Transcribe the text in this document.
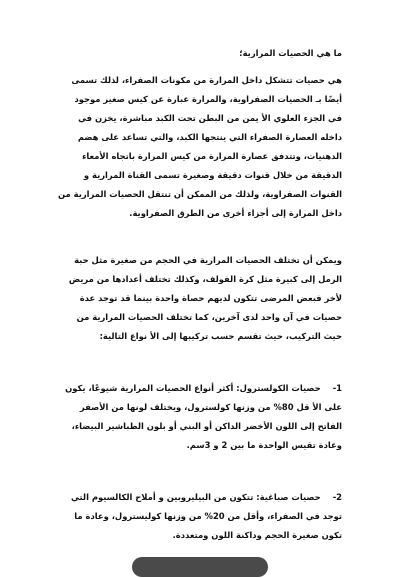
ما هي الحصيات المرارية؛

هي حصيات تتشكل داخل المرارة من مكونات الصفراء، لذلك تسمى أيضًا بـ الحصيات الصفراوية، والمرارة عبارة عن كيس صغير موجود في الجزء العلوي الأ يمن من البطن تحت الكبد مباشرة، يخزن في داخله العصارة الصفراء التي ينتجها الكبد، والتي تساعد على هضم الدهنيات، وتتدفق عصارة المرارة من كيس المرارة باتجاه الأمعاء الدقيقة من خلال قنوات دقيقة وصغيرة تسمى القناة المرارية و القنوات الصفراوية، ولذلك من الممكن أن تنتقل الحصيات المرارية من داخل المرارة إلى أجزاء أخرى من الطرق الصفراوية.

ويمكن أن تختلف الحصيات المرارية في الحجم من صغيرة مثل حبة الرمل إلى كبيرة مثل كرة الفولف، وكذلك تختلف أعدادها من مريض لأخر فبعض المرضى تتكون لديهم حصاة واحدة بينما قد توجد عدة حصيات في آن واحد لدى آخرين، كما تختلف الحصيات المرارية من حيث التركيب، حيث تقسم حسب تركيبها إلى الأ نواع التالية:

1-حصيات الكولسترول: أكثر أنواع الحصيات المرارية شيوعًا، يكون على الأ قل 80% من وزنها كولسترول، ويختلف لونها من الأصفر الفاتح إلى اللون الأخضر الداكن أو البني أو بلون الطباشير البيضاء، وعادة تقيس الواحدة ما بين 2 و 3سم.

2-حصيات صباغية: تتكون من البيليروبين و أملاح الكالسيوم التي توجد في الصفراء، وأقل من 20% من وزنها كوليسترول، وعادة ما تكون صغيرة الحجم وداكنة اللون ومتعددة.
